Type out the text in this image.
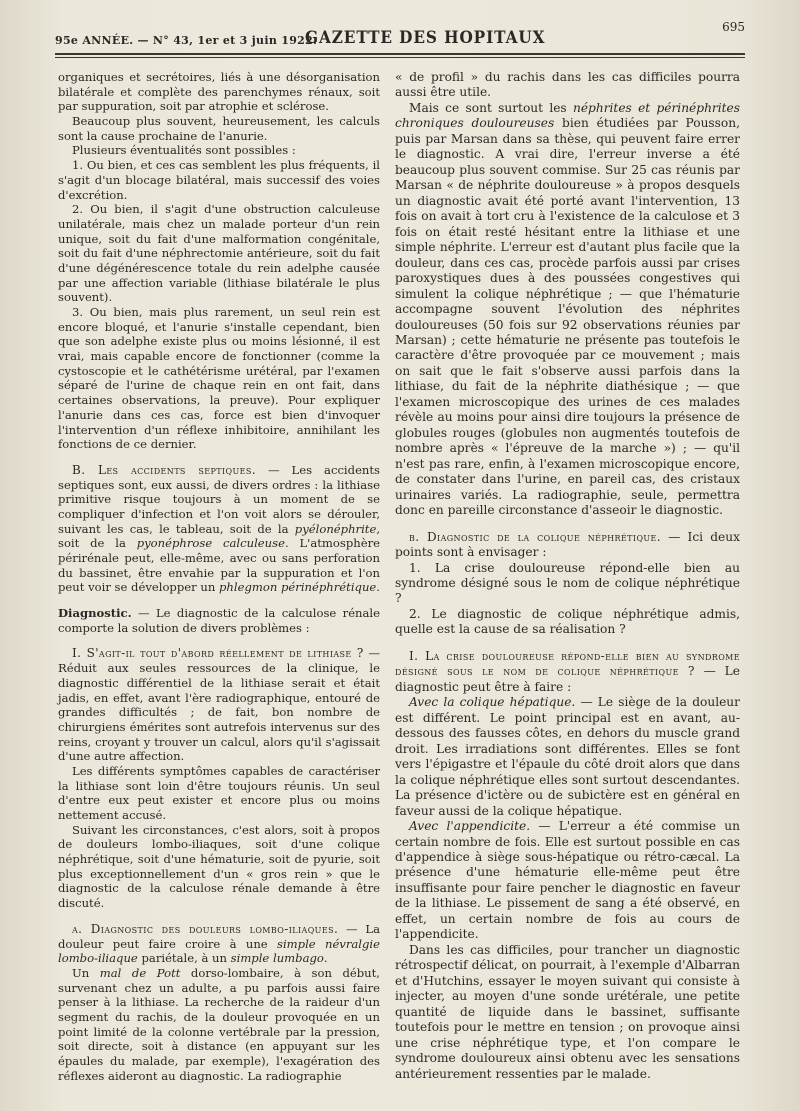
95e ANNÉE. — N° 43, 1er et 3 juin 1922.
GAZETTE DES HOPITAUX
695

organiques et secrétoires, liés à une désorganisation bilatérale et complète des parenchymes rénaux, soit par suppuration, soit par atrophie et sclérose.

Beaucoup plus souvent, heureusement, les calculs sont la cause prochaine de l'anurie.

Plusieurs éventualités sont possibles :

1. Ou bien, et ces cas semblent les plus fréquents, il s'agit d'un blocage bilatéral, mais successif des voies d'excrétion.

2. Ou bien, il s'agit d'une obstruction calculeuse unilatérale, mais chez un malade porteur d'un rein unique, soit du fait d'une malformation congénitale, soit du fait d'une néphrectomie antérieure, soit du fait d'une dégénérescence totale du rein adelphe causée par une affection variable (lithiase bilatérale le plus souvent).

3. Ou bien, mais plus rarement, un seul rein est encore bloqué, et l'anurie s'installe cependant, bien que son adelphe existe plus ou moins lésionné, il est vrai, mais capable encore de fonctionner (comme la cystoscopie et le cathétérisme urétéral, par l'examen séparé de l'urine de chaque rein en ont fait, dans certaines observations, la preuve). Pour expliquer l'anurie dans ces cas, force est bien d'invoquer l'intervention d'un réflexe inhibitoire, annihilant les fonctions de ce dernier.

B. Les accidents septiques. — Les accidents septiques sont, eux aussi, de divers ordres : la lithiase primitive risque toujours à un moment de se compliquer d'infection et l'on voit alors se dérouler, suivant les cas, le tableau, soit de la pyélonéphrite, soit de la pyonéphrose calculeuse. L'atmosphère périrénale peut, elle-même, avec ou sans perforation du bassinet, être envahie par la suppuration et l'on peut voir se développer un phlegmon périnéphrétique.

Diagnostic. — Le diagnostic de la calculose rénale comporte la solution de divers problèmes :

I. S'agit-il tout d'abord réellement de lithiase ? — Réduit aux seules ressources de la clinique, le diagnostic différentiel de la lithiase serait et était jadis, en effet, avant l'ère radiographique, entouré de grandes difficultés ; de fait, bon nombre de chirurgiens émérites sont autrefois intervenus sur des reins, croyant y trouver un calcul, alors qu'il s'agissait d'une autre affection.

Les différents symptômes capables de caractériser la lithiase sont loin d'être toujours réunis. Un seul d'entre eux peut exister et encore plus ou moins nettement accusé.

Suivant les circonstances, c'est alors, soit à propos de douleurs lombo-iliaques, soit d'une colique néphrétique, soit d'une hématurie, soit de pyurie, soit plus exceptionnellement d'un « gros rein » que le diagnostic de la calculose rénale demande à être discuté.

a. Diagnostic des douleurs lombo-iliaques. — La douleur peut faire croire à une simple névralgie lombo-iliaque pariétale, à un simple lumbago.

Un mal de Pott dorso-lombaire, à son début, survenant chez un adulte, a pu parfois aussi faire penser à la lithiase. La recherche de la raideur d'un segment du rachis, de la douleur provoquée en un point limité de la colonne vertébrale par la pression, soit directe, soit à distance (en appuyant sur les épaules du malade, par exemple), l'exagération des réflexes aideront au diagnostic. La radiographie

« de profil » du rachis dans les cas difficiles pourra aussi être utile.

Mais ce sont surtout les néphrites et périnéphrites chroniques douloureuses bien étudiées par Pousson, puis par Marsan dans sa thèse, qui peuvent faire errer le diagnostic. A vrai dire, l'erreur inverse a été beaucoup plus souvent commise. Sur 25 cas réunis par Marsan « de néphrite douloureuse » à propos desquels un diagnostic avait été porté avant l'intervention, 13 fois on avait à tort cru à l'existence de la calculose et 3 fois on était resté hésitant entre la lithiase et une simple néphrite. L'erreur est d'autant plus facile que la douleur, dans ces cas, procède parfois aussi par crises paroxystiques dues à des poussées congestives qui simulent la colique néphrétique ; — que l'hématurie accompagne souvent l'évolution des néphrites douloureuses (50 fois sur 92 observations réunies par Marsan) ; cette hématurie ne présente pas toutefois le caractère d'être provoquée par ce mouvement ; mais on sait que le fait s'observe aussi parfois dans la lithiase, du fait de la néphrite diathésique ; — que l'examen microscopique des urines de ces malades révèle au moins pour ainsi dire toujours la présence de globules rouges (globules non augmentés toutefois de nombre après « l'épreuve de la marche ») ; — qu'il n'est pas rare, enfin, à l'examen microscopique encore, de constater dans l'urine, en pareil cas, des cristaux urinaires variés. La radiographie, seule, permettra donc en pareille circonstance d'asseoir le diagnostic.

b. Diagnostic de la colique néphrétique. — Ici deux points sont à envisager :

1. La crise douloureuse répond-elle bien au syndrome désigné sous le nom de colique néphrétique ?

2. Le diagnostic de colique néphrétique admis, quelle est la cause de sa réalisation ?

I. La crise douloureuse répond-elle bien au syndrome désigné sous le nom de colique néphrétique ? — Le diagnostic peut être à faire :

Avec la colique hépatique. — Le siège de la douleur est différent. Le point principal est en avant, au-dessous des fausses côtes, en dehors du muscle grand droit. Les irradiations sont différentes. Elles se font vers l'épigastre et l'épaule du côté droit alors que dans la colique néphrétique elles sont surtout descendantes. La présence d'ictère ou de subictère est en général en faveur aussi de la colique hépatique.

Avec l'appendicite. — L'erreur a été commise un certain nombre de fois. Elle est surtout possible en cas d'appendice à siège sous-hépatique ou rétro-cæcal. La présence d'une hématurie elle-même peut être insuffisante pour faire pencher le diagnostic en faveur de la lithiase. Le pissement de sang a été observé, en effet, un certain nombre de fois au cours de l'appendicite.

Dans les cas difficiles, pour trancher un diagnostic rétrospectif délicat, on pourrait, à l'exemple d'Albarran et d'Hutchins, essayer le moyen suivant qui consiste à injecter, au moyen d'une sonde urétérale, une petite quantité de liquide dans le bassinet, suffisante toutefois pour le mettre en tension ; on provoque ainsi une crise néphrétique type, et l'on compare le syndrome douloureux ainsi obtenu avec les sensations antérieurement ressenties par le malade.
